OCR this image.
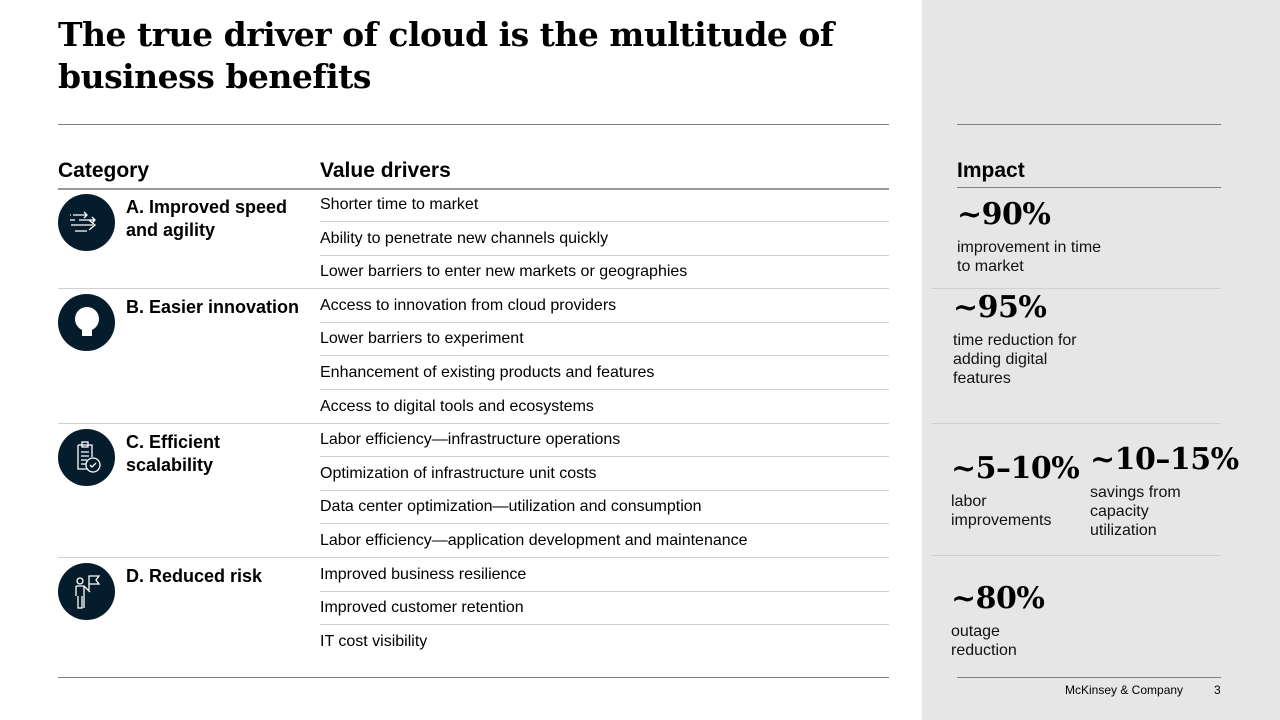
The true driver of cloud is the multitude of business benefits
Category	Value drivers
Shorter time to market
Ability to penetrate new channels quickly
Lower barriers to enter new markets or geographies
Access to innovation from cloud providers
Lower barriers to experiment
Enhancement of existing products and features
Access to digital tools and ecosystems
Labor efficiency—infrastructure operations
Optimization of infrastructure unit costs
Data center optimization—utilization and consumption
Labor efficiency—application development and maintenance
Improved business resilience
Improved customer retention
IT cost visibility
A. Improved speed and agility
B. Easier innovation
C. Efficient scalability
D. Reduced risk
Impact
~90%
improvement in time to market
~95%
time reduction for adding digital features
~5–10%
labor improvements
~10–15%
savings from capacity utilization
~80%
outage reduction
McKinsey & Company	3
